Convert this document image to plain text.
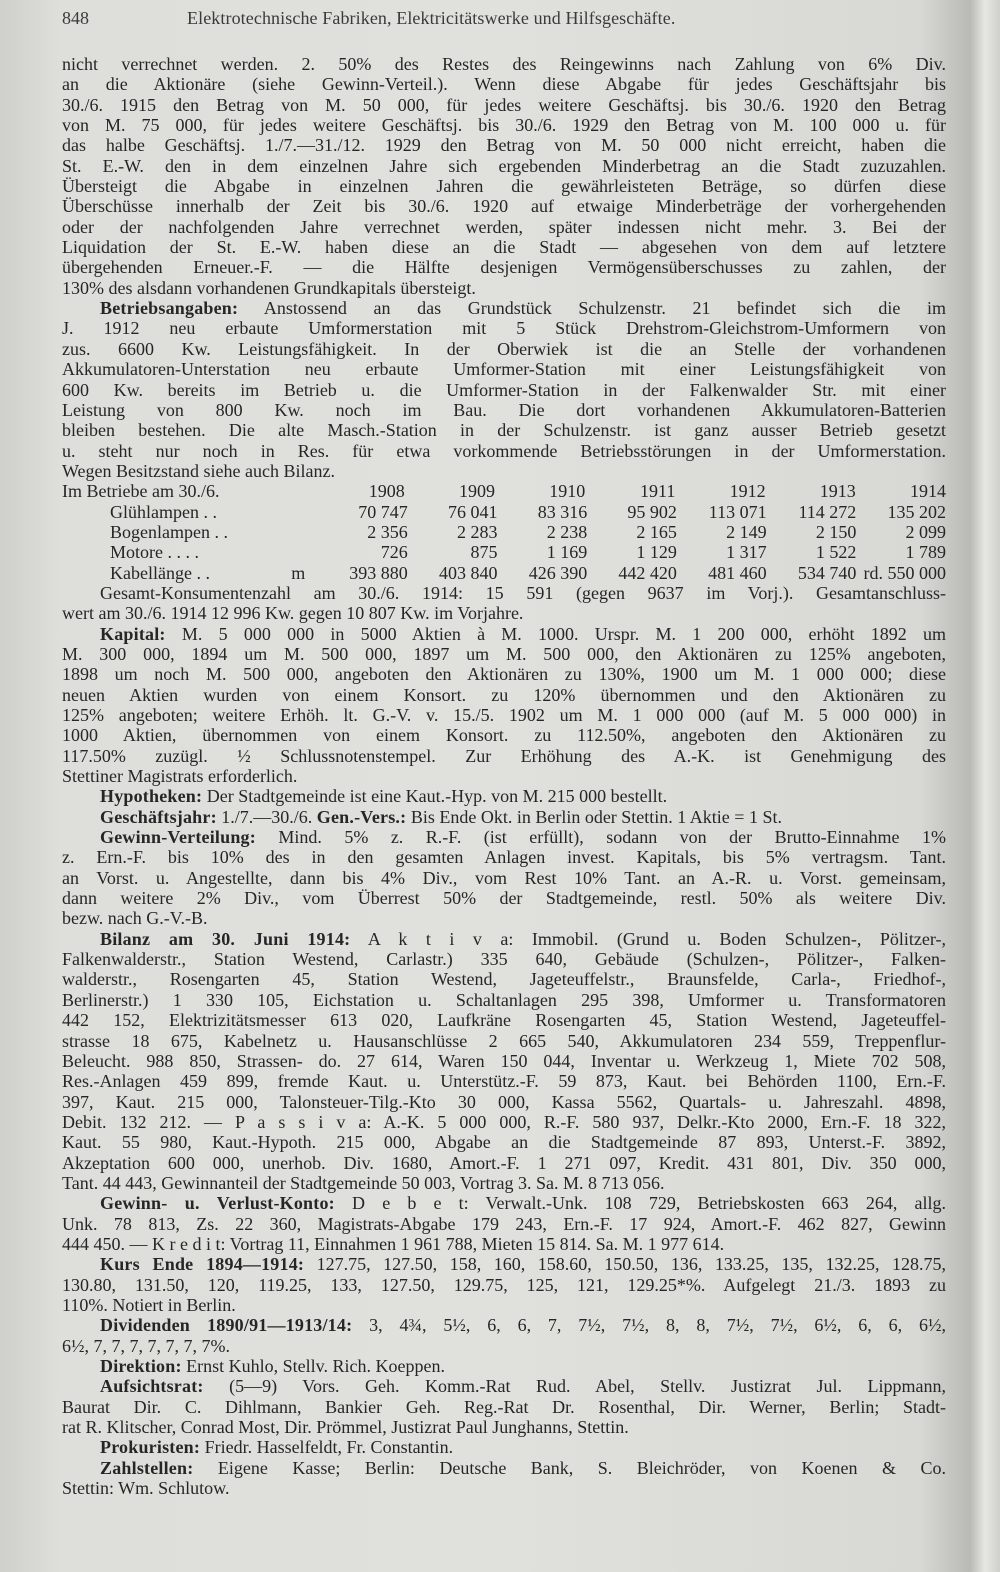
848	Elektrotechnische Fabriken, Elektricitätswerke und Hilfsgeschäfte.
nicht verrechnet werden. 2. 50% des Restes des Reingewinns nach Zahlung von 6% Div.
an die Aktionäre (siehe Gewinn-Verteil.). Wenn diese Abgabe für jedes Geschäftsjahr bis
30./6. 1915 den Betrag von M. 50 000, für jedes weitere Geschäftsj. bis 30./6. 1920 den Betrag
von M. 75 000, für jedes weitere Geschäftsj. bis 30./6. 1929 den Betrag von M. 100 000 u. für
das halbe Geschäftsj. 1./7.—31./12. 1929 den Betrag von M. 50 000 nicht erreicht, haben die
St. E.-W. den in dem einzelnen Jahre sich ergebenden Minderbetrag an die Stadt zuzuzahlen.
Übersteigt die Abgabe in einzelnen Jahren die gewährleisteten Beträge, so dürfen diese
Überschüsse innerhalb der Zeit bis 30./6. 1920 auf etwaige Minderbeträge der vorhergehenden
oder der nachfolgenden Jahre verrechnet werden, später indessen nicht mehr. 3. Bei der
Liquidation der St. E.-W. haben diese an die Stadt — abgesehen von dem auf letztere
übergehenden Erneuer.-F. — die Hälfte desjenigen Vermögensüberschusses zu zahlen, der
130% des alsdann vorhandenen Grundkapitals übersteigt.
Betriebsangaben: Anstossend an das Grundstück Schulzenstr. 21 befindet sich die im
J. 1912 neu erbaute Umformerstation mit 5 Stück Drehstrom-Gleichstrom-Umformern von
zus. 6600 Kw. Leistungsfähigkeit. In der Oberwiek ist die an Stelle der vorhandenen
Akkumulatoren-Unterstation neu erbaute Umformer-Station mit einer Leistungsfähigkeit von
600 Kw. bereits im Betrieb u. die Umformer-Station in der Falkenwalder Str. mit einer
Leistung von 800 Kw. noch im Bau. Die dort vorhandenen Akkumulatoren-Batterien
bleiben bestehen. Die alte Masch.-Station in der Schulzenstr. ist ganz ausser Betrieb gesetzt
u. steht nur noch in Res. für etwa vorkommende Betriebsstörungen in der Umformerstation.
Wegen Besitzstand siehe auch Bilanz.
Im Betriebe am 30./6.	1908	1909	1910	1911	1912	1913	1914
Glühlampen . .	70 747	76 041	83 316	95 902	113 071	114 272	135 202
Bogenlampen . .	2 356	2 283	2 238	2 165	2 149	2 150	2 099
Motore . . . .	726	875	1 169	1 129	1 317	1 522	1 789
Kabellänge . .	m	393 880	403 840	426 390	442 420	481 460	534 740 rd. 550 000
Gesamt-Konsumentenzahl am 30./6. 1914: 15 591 (gegen 9637 im Vorj.). Gesamtanschluss-
wert am 30./6. 1914 12 996 Kw. gegen 10 807 Kw. im Vorjahre.
Kapital: M. 5 000 000 in 5000 Aktien à M. 1000. Urspr. M. 1 200 000, erhöht 1892 um
M. 300 000, 1894 um M. 500 000, 1897 um M. 500 000, den Aktionären zu 125% angeboten,
1898 um noch M. 500 000, angeboten den Aktionären zu 130%, 1900 um M. 1 000 000; diese
neuen Aktien wurden von einem Konsort. zu 120% übernommen und den Aktionären zu
125% angeboten; weitere Erhöh. lt. G.-V. v. 15./5. 1902 um M. 1 000 000 (auf M. 5 000 000) in
1000 Aktien, übernommen von einem Konsort. zu 112.50%, angeboten den Aktionären zu
117.50% zuzügl. ½ Schlussnotenstempel. Zur Erhöhung des A.-K. ist Genehmigung des
Stettiner Magistrats erforderlich.
Hypotheken: Der Stadtgemeinde ist eine Kaut.-Hyp. von M. 215 000 bestellt.
Geschäftsjahr: 1./7.—30./6. Gen.-Vers.: Bis Ende Okt. in Berlin oder Stettin. 1 Aktie = 1 St.
Gewinn-Verteilung: Mind. 5% z. R.-F. (ist erfüllt), sodann von der Brutto-Einnahme 1%
z. Ern.-F. bis 10% des in den gesamten Anlagen invest. Kapitals, bis 5% vertragsm. Tant.
an Vorst. u. Angestellte, dann bis 4% Div., vom Rest 10% Tant. an A.-R. u. Vorst. gemeinsam,
dann weitere 2% Div., vom Überrest 50% der Stadtgemeinde, restl. 50% als weitere Div.
bezw. nach G.-V.-B.
Bilanz am 30. Juni 1914: A k t i v a: Immobil. (Grund u. Boden Schulzen-, Pölitzer-,
Falkenwalderstr., Station Westend, Carlastr.) 335 640, Gebäude (Schulzen-, Pölitzer-, Falken-
walderstr., Rosengarten 45, Station Westend, Jageteuffelstr., Braunsfelde, Carla-, Friedhof-,
Berlinerstr.) 1 330 105, Eichstation u. Schaltanlagen 295 398, Umformer u. Transformatoren
442 152, Elektrizitätsmesser 613 020, Laufkräne Rosengarten 45, Station Westend, Jageteuffel-
strasse 18 675, Kabelnetz u. Hausanschlüsse 2 665 540, Akkumulatoren 234 559, Treppenflur-
Beleucht. 988 850, Strassen- do. 27 614, Waren 150 044, Inventar u. Werkzeug 1, Miete 702 508,
Res.-Anlagen 459 899, fremde Kaut. u. Unterstütz.-F. 59 873, Kaut. bei Behörden 1100, Ern.-F.
397, Kaut. 215 000, Talonsteuer-Tilg.-Kto 30 000, Kassa 5562, Quartals- u. Jahreszahl. 4898,
Debit. 132 212. — P a s s i v a: A.-K. 5 000 000, R.-F. 580 937, Delkr.-Kto 2000, Ern.-F. 18 322,
Kaut. 55 980, Kaut.-Hypoth. 215 000, Abgabe an die Stadtgemeinde 87 893, Unterst.-F. 3892,
Akzeptation 600 000, unerhob. Div. 1680, Amort.-F. 1 271 097, Kredit. 431 801, Div. 350 000,
Tant. 44 443, Gewinnanteil der Stadtgemeinde 50 003, Vortrag 3. Sa. M. 8 713 056.
Gewinn- u. Verlust-Konto: D e b e t: Verwalt.-Unk. 108 729, Betriebskosten 663 264, allg.
Unk. 78 813, Zs. 22 360, Magistrats-Abgabe 179 243, Ern.-F. 17 924, Amort.-F. 462 827, Gewinn
444 450. — K r e d i t: Vortrag 11, Einnahmen 1 961 788, Mieten 15 814. Sa. M. 1 977 614.
Kurs Ende 1894—1914: 127.75, 127.50, 158, 160, 158.60, 150.50, 136, 133.25, 135, 132.25, 128.75,
130.80, 131.50, 120, 119.25, 133, 127.50, 129.75, 125, 121, 129.25*%. Aufgelegt 21./3. 1893 zu
110%. Notiert in Berlin.
Dividenden 1890/91—1913/14: 3, 4¾, 5½, 6, 6, 7, 7½, 7½, 8, 8, 7½, 7½, 6½, 6, 6, 6½,
6½, 7, 7, 7, 7, 7, 7, 7%.
Direktion: Ernst Kuhlo, Stellv. Rich. Koeppen.
Aufsichtsrat: (5—9) Vors. Geh. Komm.-Rat Rud. Abel, Stellv. Justizrat Jul. Lippmann,
Baurat Dir. C. Dihlmann, Bankier Geh. Reg.-Rat Dr. Rosenthal, Dir. Werner, Berlin; Stadt-
rat R. Klitscher, Conrad Most, Dir. Prömmel, Justizrat Paul Junghanns, Stettin.
Prokuristen: Friedr. Hasselfeldt, Fr. Constantin.
Zahlstellen: Eigene Kasse; Berlin: Deutsche Bank, S. Bleichröder, von Koenen & Co.
Stettin: Wm. Schlutow.
